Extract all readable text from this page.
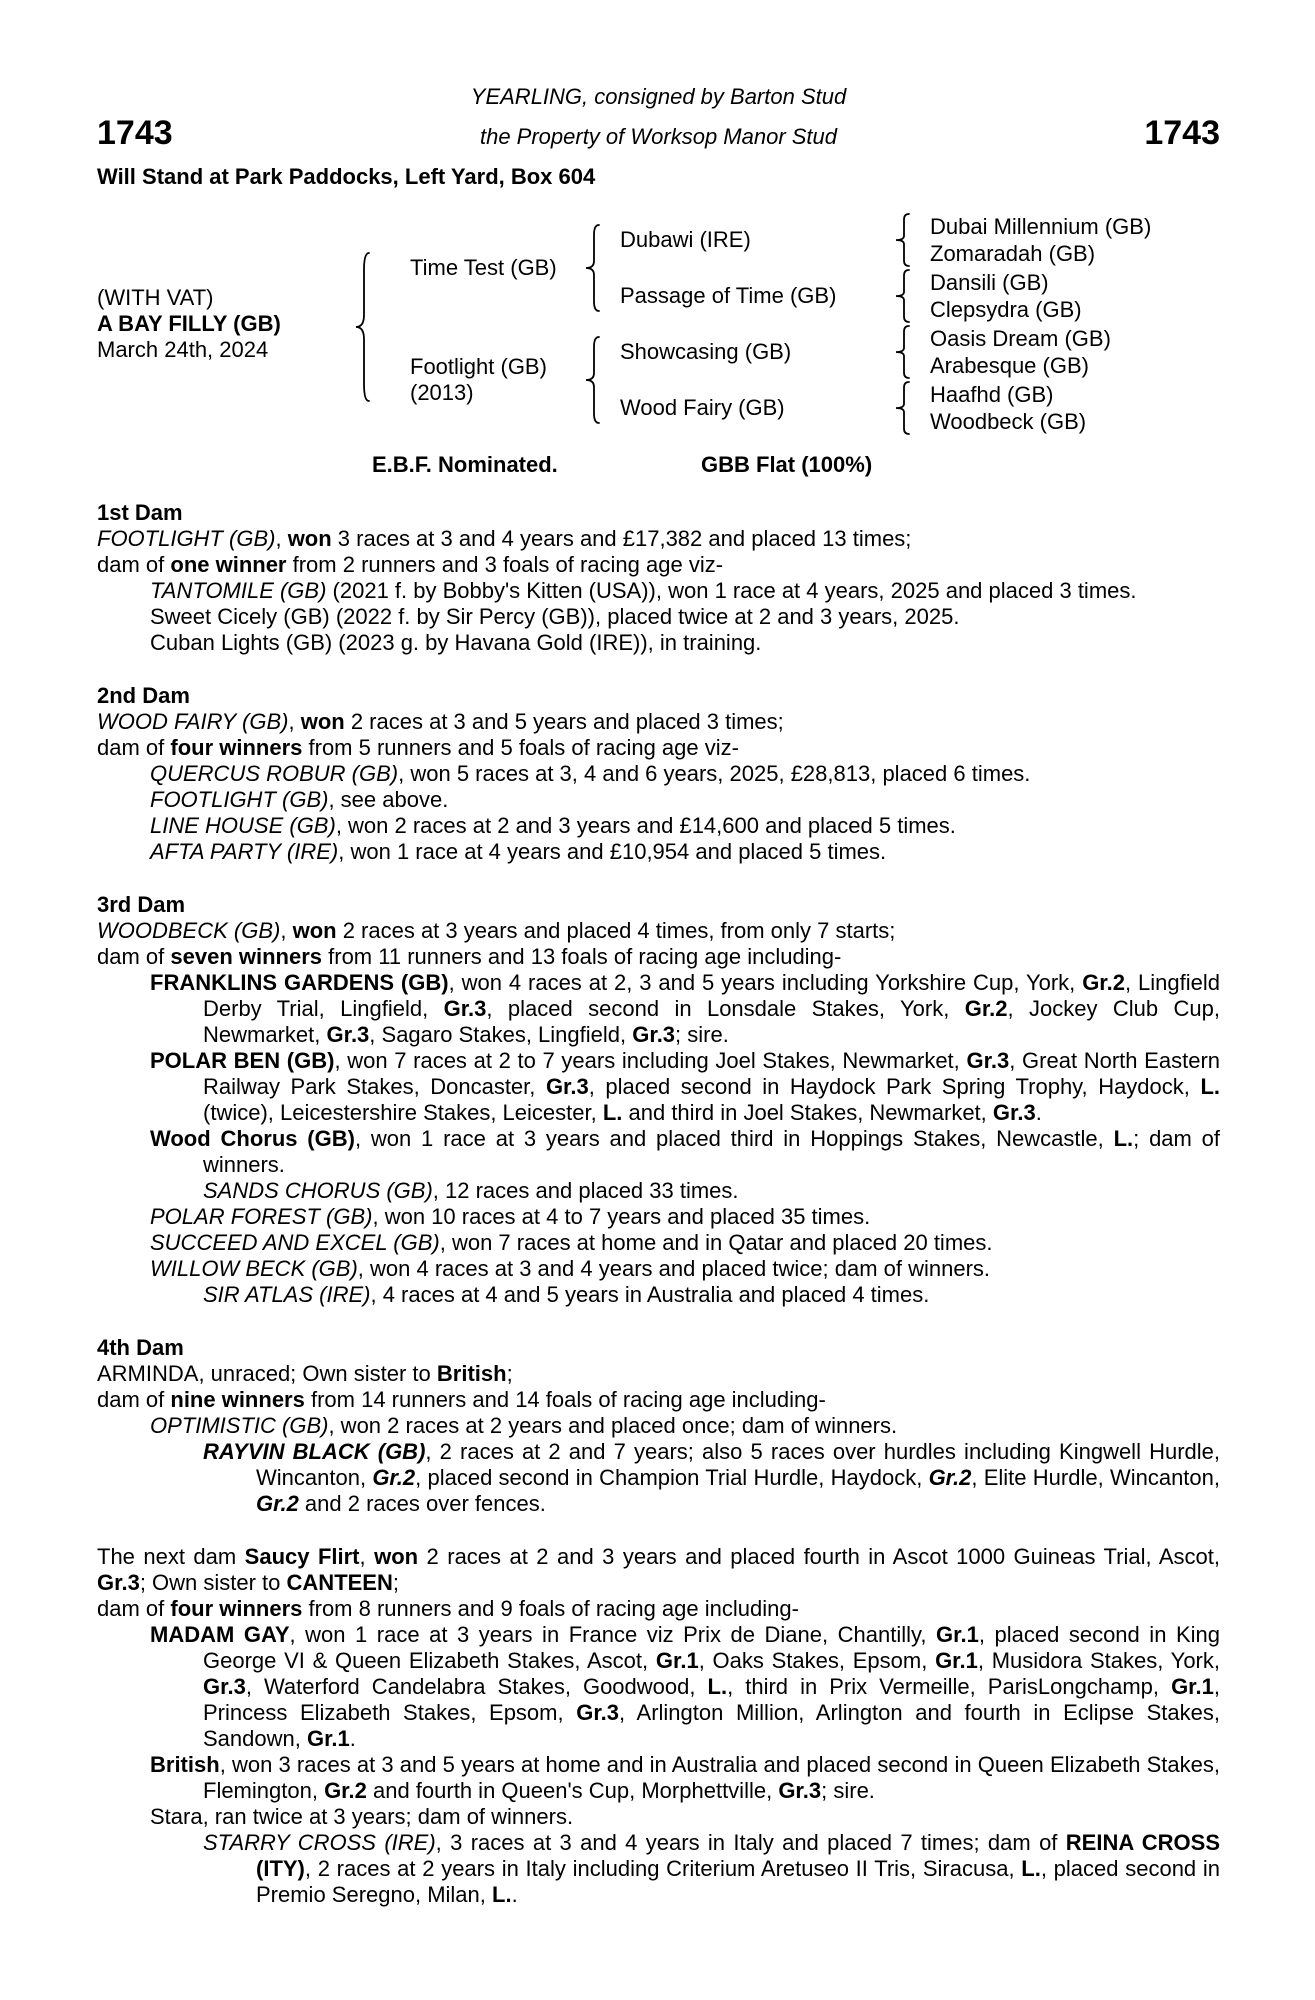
YEARLING, consigned by Barton Stud
1743	the Property of Worksop Manor Stud	1743
Will Stand at Park Paddocks, Left Yard, Box 604
(WITH VAT)
A BAY FILLY (GB)
March 24th, 2024
Time Test (GB)
Footlight (GB)
(2013)
Dubawi (IRE)
Passage of Time (GB)
Showcasing (GB)
Wood Fairy (GB)
Dubai Millennium (GB)
Zomaradah (GB)
Dansili (GB)
Clepsydra (GB)
Oasis Dream (GB)
Arabesque (GB)
Haafhd (GB)
Woodbeck (GB)
E.B.F. Nominated.	GBB Flat (100%)
1st Dam
FOOTLIGHT (GB), won 3 races at 3 and 4 years and £17,382 and placed 13 times;
dam of one winner from 2 runners and 3 foals of racing age viz-
TANTOMILE (GB) (2021 f. by Bobby's Kitten (USA)), won 1 race at 4 years, 2025 and placed 3 times.
Sweet Cicely (GB) (2022 f. by Sir Percy (GB)), placed twice at 2 and 3 years, 2025.
Cuban Lights (GB) (2023 g. by Havana Gold (IRE)), in training.
2nd Dam
WOOD FAIRY (GB), won 2 races at 3 and 5 years and placed 3 times;
dam of four winners from 5 runners and 5 foals of racing age viz-
QUERCUS ROBUR (GB), won 5 races at 3, 4 and 6 years, 2025, £28,813, placed 6 times.
FOOTLIGHT (GB), see above.
LINE HOUSE (GB), won 2 races at 2 and 3 years and £14,600 and placed 5 times.
AFTA PARTY (IRE), won 1 race at 4 years and £10,954 and placed 5 times.
3rd Dam
WOODBECK (GB), won 2 races at 3 years and placed 4 times, from only 7 starts;
dam of seven winners from 11 runners and 13 foals of racing age including-
FRANKLINS GARDENS (GB), won 4 races at 2, 3 and 5 years including Yorkshire Cup, York, Gr.2, Lingfield Derby Trial, Lingfield, Gr.3, placed second in Lonsdale Stakes, York, Gr.2, Jockey Club Cup, Newmarket, Gr.3, Sagaro Stakes, Lingfield, Gr.3; sire.
POLAR BEN (GB), won 7 races at 2 to 7 years including Joel Stakes, Newmarket, Gr.3, Great North Eastern Railway Park Stakes, Doncaster, Gr.3, placed second in Haydock Park Spring Trophy, Haydock, L. (twice), Leicestershire Stakes, Leicester, L. and third in Joel Stakes, Newmarket, Gr.3.
Wood Chorus (GB), won 1 race at 3 years and placed third in Hoppings Stakes, Newcastle, L.; dam of winners.
SANDS CHORUS (GB), 12 races and placed 33 times.
POLAR FOREST (GB), won 10 races at 4 to 7 years and placed 35 times.
SUCCEED AND EXCEL (GB), won 7 races at home and in Qatar and placed 20 times.
WILLOW BECK (GB), won 4 races at 3 and 4 years and placed twice; dam of winners.
SIR ATLAS (IRE), 4 races at 4 and 5 years in Australia and placed 4 times.
4th Dam
ARMINDA, unraced; Own sister to British;
dam of nine winners from 14 runners and 14 foals of racing age including-
OPTIMISTIC (GB), won 2 races at 2 years and placed once; dam of winners.
RAYVIN BLACK (GB), 2 races at 2 and 7 years; also 5 races over hurdles including Kingwell Hurdle, Wincanton, Gr.2, placed second in Champion Trial Hurdle, Haydock, Gr.2, Elite Hurdle, Wincanton, Gr.2 and 2 races over fences.
The next dam Saucy Flirt, won 2 races at 2 and 3 years and placed fourth in Ascot 1000 Guineas Trial, Ascot, Gr.3; Own sister to CANTEEN;
dam of four winners from 8 runners and 9 foals of racing age including-
MADAM GAY, won 1 race at 3 years in France viz Prix de Diane, Chantilly, Gr.1, placed second in King George VI & Queen Elizabeth Stakes, Ascot, Gr.1, Oaks Stakes, Epsom, Gr.1, Musidora Stakes, York, Gr.3, Waterford Candelabra Stakes, Goodwood, L., third in Prix Vermeille, ParisLongchamp, Gr.1, Princess Elizabeth Stakes, Epsom, Gr.3, Arlington Million, Arlington and fourth in Eclipse Stakes, Sandown, Gr.1.
British, won 3 races at 3 and 5 years at home and in Australia and placed second in Queen Elizabeth Stakes, Flemington, Gr.2 and fourth in Queen's Cup, Morphettville, Gr.3; sire.
Stara, ran twice at 3 years; dam of winners.
STARRY CROSS (IRE), 3 races at 3 and 4 years in Italy and placed 7 times; dam of REINA CROSS (ITY), 2 races at 2 years in Italy including Criterium Aretuseo II Tris, Siracusa, L., placed second in Premio Seregno, Milan, L..
